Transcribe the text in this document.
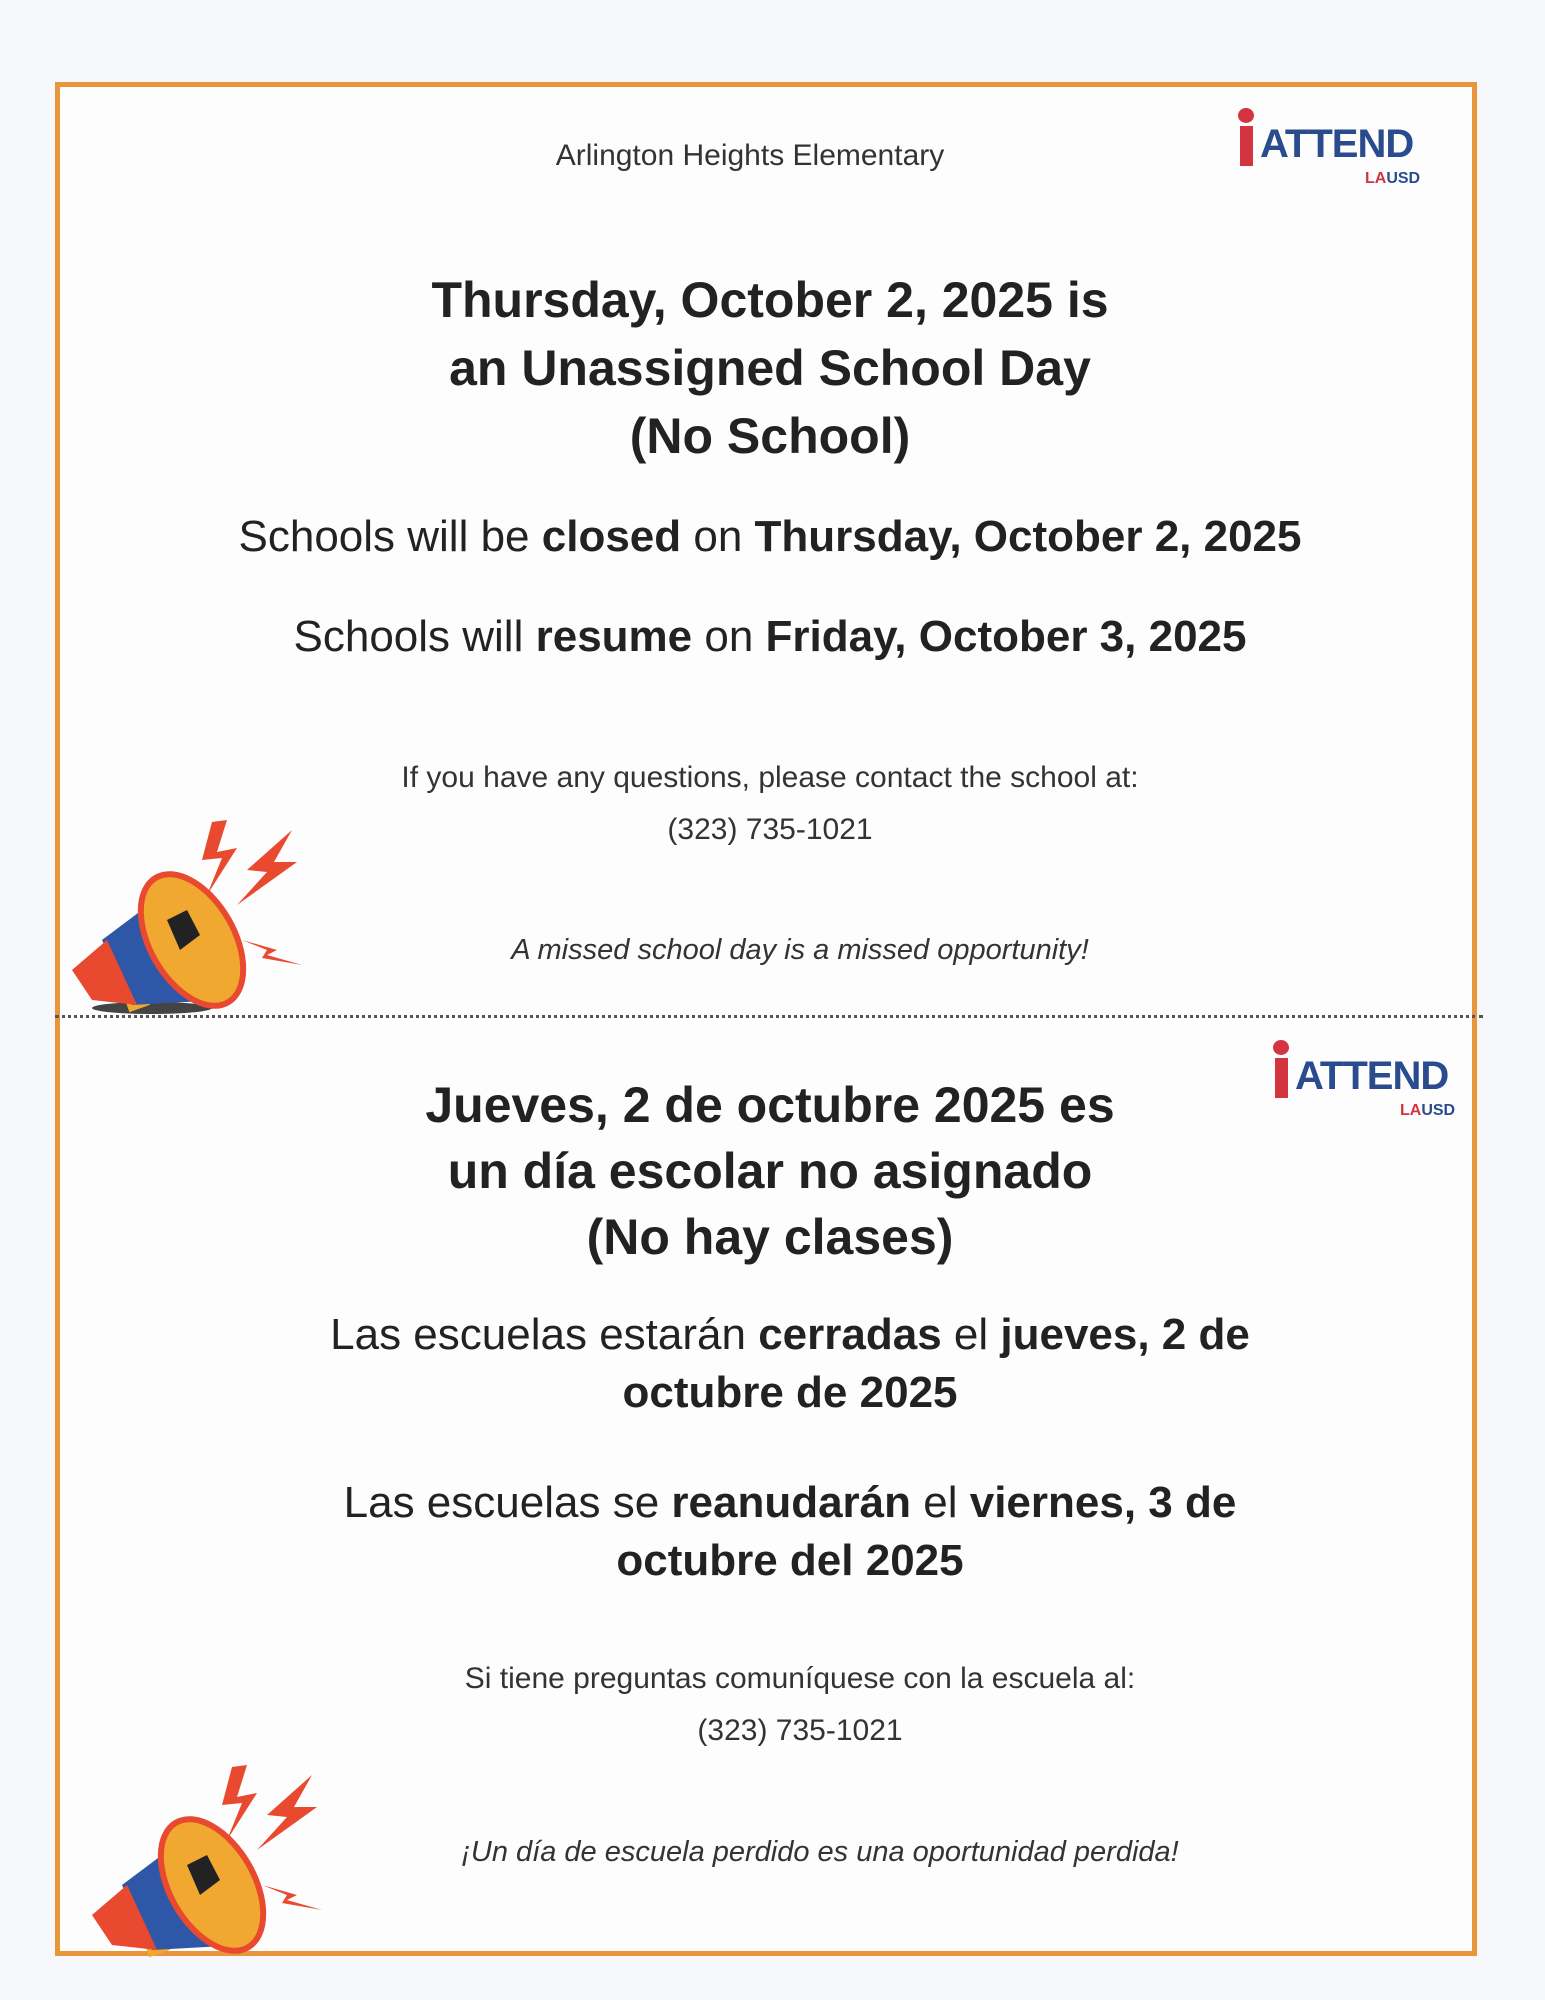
Arlington Heights Elementary	ATTEND
LAUSD
Thursday, October 2, 2025 is
an Unassigned School Day
(No School)
Schools will be closed on Thursday, October 2, 2025
Schools will resume on Friday, October 3, 2025
If you have any questions, please contact the school at:
(323) 735-1021
A missed school day is a missed opportunity!
ATTEND
LAUSD
Jueves, 2 de octubre 2025 es
un día escolar no asignado
(No hay clases)
Las escuelas estarán cerradas el jueves, 2 de
octubre de 2025
Las escuelas se reanudarán el viernes, 3 de
octubre del 2025
Si tiene preguntas comuníquese con la escuela al:
(323) 735-1021
¡Un día de escuela perdido es una oportunidad perdida!
